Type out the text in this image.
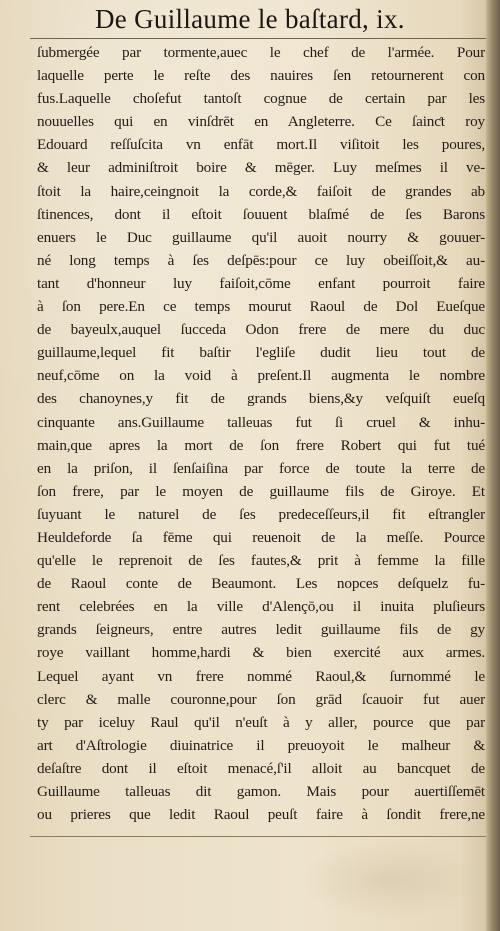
De Guillaume le baſtard, ix.
ſubmergée par tormente,auec le chef de l'armée. Pour
laquelle perte le reſte des nauires ſen retournerent con
fus.Laquelle choſefut tantoſt cognue de certain par les
nouuelles qui en vinſdrēt en Angleterre. Ce ſainƈt roy
Edouard reſſuſcita vn enfāt mort.Il viſitoit les poures,
& leur adminiſtroit boire & mēger. Luy meſmes il ve-
ſtoit la haire,ceingnoit la corde,& faiſoit de grandes ab
ſtinences, dont il eſtoit ſouuent blaſmé de ſes Barons
enuers le Duc guillaume qu'il auoit nourry & gouuer-
né long temps à ſes deſpēs:pour ce luy obeiſſoit,& au-
tant d'honneur luy faiſoit,cōme enfant pourroit faire
à ſon pere.En ce temps mourut Raoul de Dol Eueſque
de bayeulx,auquel ſucceda Odon frere de mere du duc
guillaume,lequel fit baſtir l'egliſe dudit lieu tout de
neuf,cōme on la void à preſent.Il augmenta le nombre
des chanoynes,y fit de grands biens,&y veſquiſt eueſq
cinquante ans.Guillaume talleuas fut ſi cruel & inhu-
main,que apres la mort de ſon frere Robert qui fut tué
en la priſon, il ſenſaiſina par force de toute la terre de
ſon frere, par le moyen de guillaume fils de Giroye. Et
ſuyuant le naturel de ſes predeceſſeurs,il fit eſtrangler
Heuldeforde ſa fēme qui reuenoit de la meſſe. Pource
qu'elle le reprenoit de ſes fautes,& prit à femme la fille
de Raoul conte de Beaumont. Les nopces deſquelz fu-
rent celebrées en la ville d'Alençō,ou il inuita pluſieurs
grands ſeigneurs, entre autres ledit guillaume fils de gy
roye vaillant homme,hardi & bien exercité aux armes.
Lequel ayant vn frere nommé Raoul,& ſurnommé le
clerc & malle couronne,pour ſon grād ſcauoir fut auer
ty par iceluy Raul qu'il n'euſt à y aller, pource que par
art d'Aſtrologie diuinatrice il preuoyoit le malheur &
deſaſtre dont il eſtoit menacé,ſ'il alloit au bancquet de
Guillaume talleuas dit gamon. Mais pour auertiſſemēt
ou prieres que ledit Raoul peuſt faire à ſondit frere,ne
